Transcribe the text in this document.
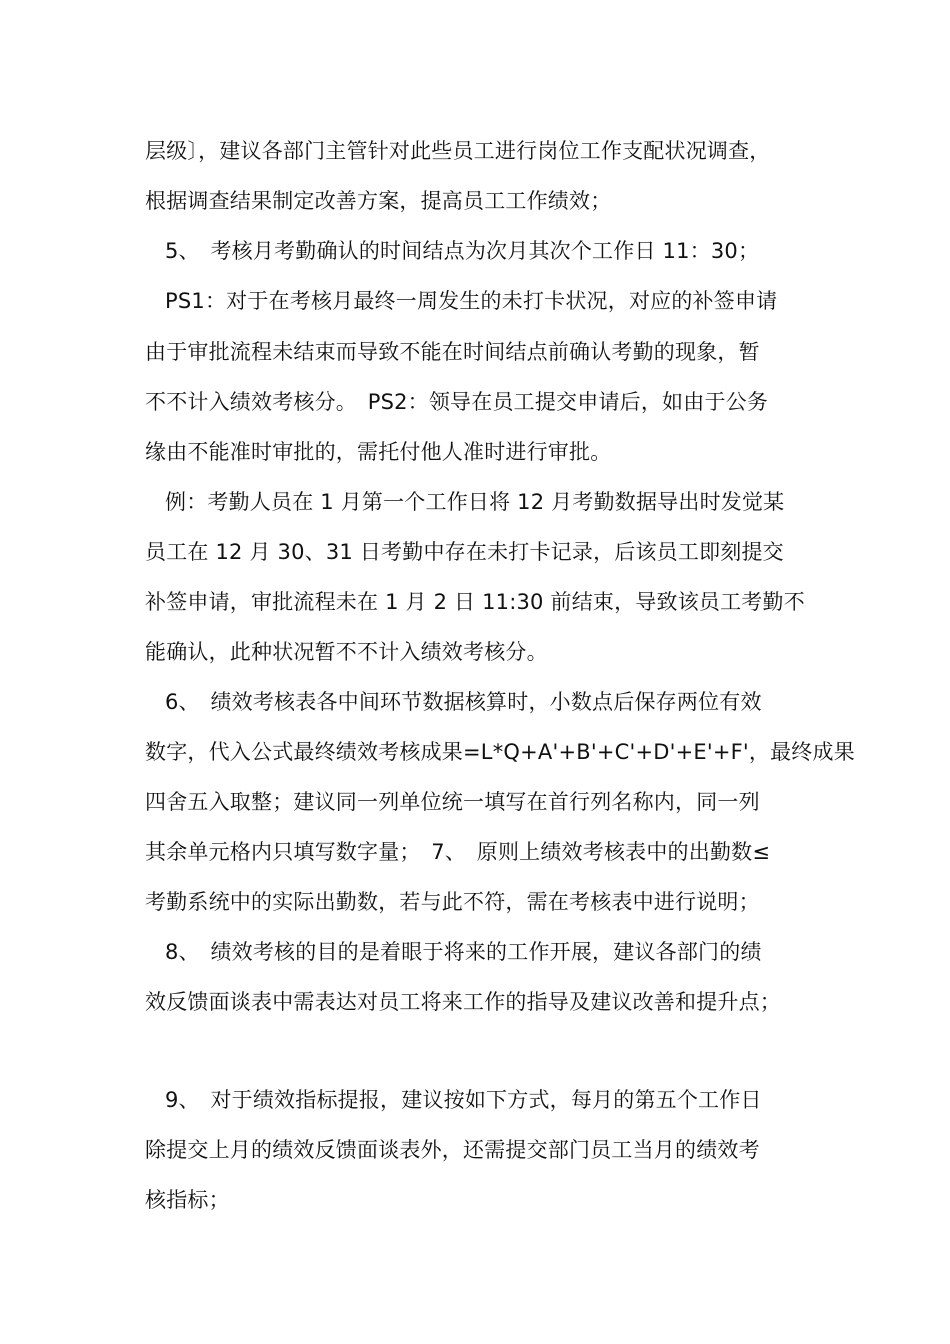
层级〕，建议各部门主管针对此些员工进行岗位工作支配状况调查，
根据调查结果制定改善方案，提高员工工作绩效；
5、　考核月考勤确认的时间结点为次月其次个工作日 11：30；
PS1：对于在考核月最终一周发生的未打卡状况，对应的补签申请
由于审批流程未结束而导致不能在时间结点前确认考勤的现象，暂
不不计入绩效考核分。　PS2：领导在员工提交申请后，如由于公务
缘由不能准时审批的，需托付他人准时进行审批。
例：考勤人员在 1 月第一个工作日将 12 月考勤数据导出时发觉某
员工在 12 月 30、31 日考勤中存在未打卡记录，后该员工即刻提交
补签申请，审批流程未在 1 月 2 日 11:30 前结束，导致该员工考勤不
能确认，此种状况暂不不计入绩效考核分。
6、　绩效考核表各中间环节数据核算时，小数点后保存两位有效
数字，代入公式最终绩效考核成果=L*Q+A'+B'+C'+D'+E'+F'，最终成果
四舍五入取整；建议同一列单位统一填写在首行列名称内，同一列
其余单元格内只填写数字量；　7、　原则上绩效考核表中的出勤数≤
考勤系统中的实际出勤数，若与此不符，需在考核表中进行说明；
8、　绩效考核的目的是着眼于将来的工作开展，建议各部门的绩
效反馈面谈表中需表达对员工将来工作的指导及建议改善和提升点；
9、　对于绩效指标提报，建议按如下方式，每月的第五个工作日
除提交上月的绩效反馈面谈表外，还需提交部门员工当月的绩效考
核指标；
